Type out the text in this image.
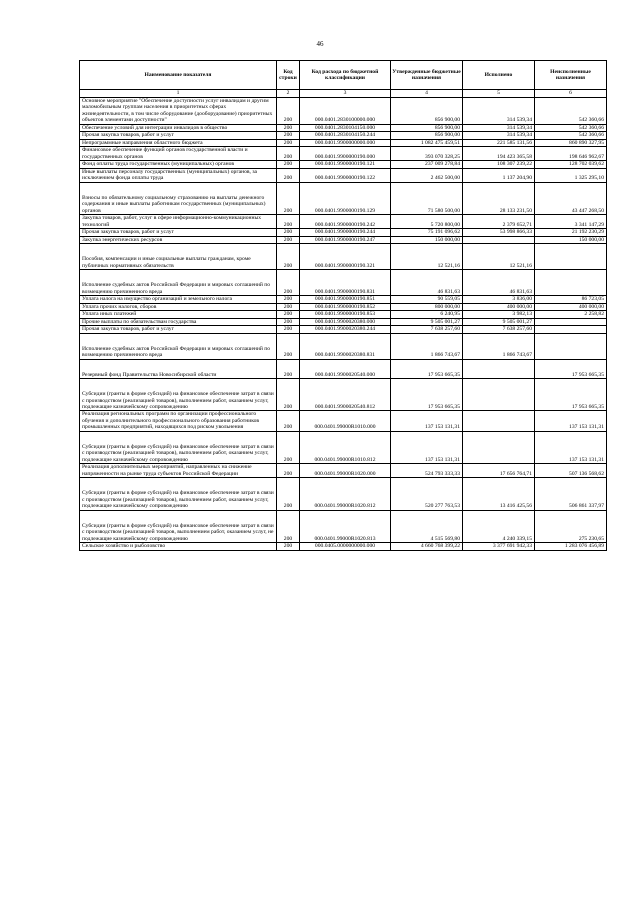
46
Наименование показателя	Код строки	Код расхода по бюджетной классификации	Утвержденные бюджетные назначения	Исполнено	Неисполненные назначения
1	2	3	4	5	6
Основное мероприятие "Обеспечение доступности услуг инвалидам и другим маломобильным группам населения в приоритетных сферах жизнедеятельности, в том числе оборудование (дооборудование) приоритетных объектов элементами доступности"	200	000.0401.2830100000.000	856 900,00	314 539,34	542 360,66
Обеспечение условий для интеграции инвалидов в общество	200	000.0401.2830104150.000	856 900,00	314 539,34	542 360,66
Прочая закупка товаров, работ и услуг	200	000.0401.2830104150.244	856 900,00	314 539,34	542 360,66
Непрограммные направления областного бюджета	200	000.0401.9900000000.000	1 082 475 459,51	221 585 131,56	860 890 327,95
Финансовое обеспечение функций органов государственной власти и государственных органов	200	000.0401.9900000190.000	393 070 328,25	194 423 365,58	198 646 962,67
Фонд оплаты труда государственных (муниципальных) органов	200	000.0401.9900000190.121	237 009 278,84	108 307 239,22	128 702 039,62
Иные выплаты персоналу государственных (муниципальных) органов, за исключением фонда оплаты труда	200	000.0401.9900000190.122	2 462 500,00	1 137 204,90	1 325 295,10
Взносы по обязательному социальному страхованию на выплаты денежного содержания и иные выплаты работникам государственных (муниципальных) органов	200	000.0401.9900000190.129	71 580 500,00	28 133 231,50	43 447 268,50
Закупка товаров, работ, услуг в сфере информационно-коммуникационных технологий	200	000.0401.9900000190.242	5 720 800,00	2 379 652,71	3 341 147,29
Прочая закупка товаров, работ и услуг	200	000.0401.9900000190.244	75 191 096,62	53 998 866,33	21 192 230,29
Закупка энергетических ресурсов	200	000.0401.9900000190.247	150 000,00		150 000,00
Пособия, компенсации и иные социальные выплаты гражданам, кроме публичных нормативных обязательств	200	000.0401.9900000190.321	12 521,16	12 521,16	
Исполнение судебных актов Российской Федерации и мировых соглашений по возмещению причиненного вреда	200	000.0401.9900000190.831	46 831,63	46 831,63	
Уплата налога на имущество организаций и земельного налога	200	000.0401.9900000190.851	90 559,05	3 836,00	86 723,05
Уплата прочих налогов, сборов	200	000.0401.9900000190.852	800 000,00	400 000,00	400 000,00
Уплата иных платежей	200	000.0401.9900000190.853	6 240,95	3 982,13	2 258,82
Прочие выплаты по обязательствам государства	200	000.0401.9900020380.000	9 505 001,27	9 505 001,27	
Прочая закупка товаров, работ и услуг	200	000.0401.9900020380.244	7 638 257,60	7 638 257,60	
Исполнение судебных актов Российской Федерации и мировых соглашений по возмещению причиненного вреда	200	000.0401.9900020380.831	1 866 743,67	1 866 743,67	
Резервный фонд Правительства Новосибирской области	200	000.0401.9900020540.000	17 953 665,35		17 953 665,35
Субсидии (гранты в форме субсидий) на финансовое обеспечение затрат в связи с производством (реализацией товаров), выполнением работ, оказанием услуг, подлежащие казначейскому сопровождению	200	000.0401.9900020540.812	17 953 665,35		17 953 665,35
Реализация региональных программ по организации профессионального обучения и дополнительного профессионального образования работников промышленных предприятий, находящихся под риском увольнения	200	000.0401.99000R1010.000	137 153 131,31		137 153 131,31
Субсидии (гранты в форме субсидий) на финансовое обеспечение затрат в связи с производством (реализацией товаров), выполнением работ, оказанием услуг, подлежащие казначейскому сопровождению	200	000.0401.99000R1010.812	137 153 131,31		137 153 131,31
Реализация дополнительных мероприятий, направленных на снижение напряженности на рынке труда субъектов Российской Федерации	200	000.0401.99000R1020.000	524 793 333,33	17 656 764,71	507 136 568,62
Субсидии (гранты в форме субсидий) на финансовое обеспечение затрат в связи с производством (реализацией товаров), выполнением работ, оказанием услуг, подлежащие казначейскому сопровождению	200	000.0401.99000R1020.812	520 277 763,53	13 416 425,56	506 861 337,97
Субсидии (гранты в форме субсидий) на финансовое обеспечение затрат в связи с производством (реализацией товаров, выполнением работ, оказанием услуг, не подлежащие казначейскому сопровождению	200	000.0401.99000R1020.813	4 515 569,80	4 240 339,15	275 230,65
Сельское хозяйство и рыболовство	200	000.0405.0000000000.000	4 660 768 399,22	3 377 691 942,33	1 283 076 456,89
